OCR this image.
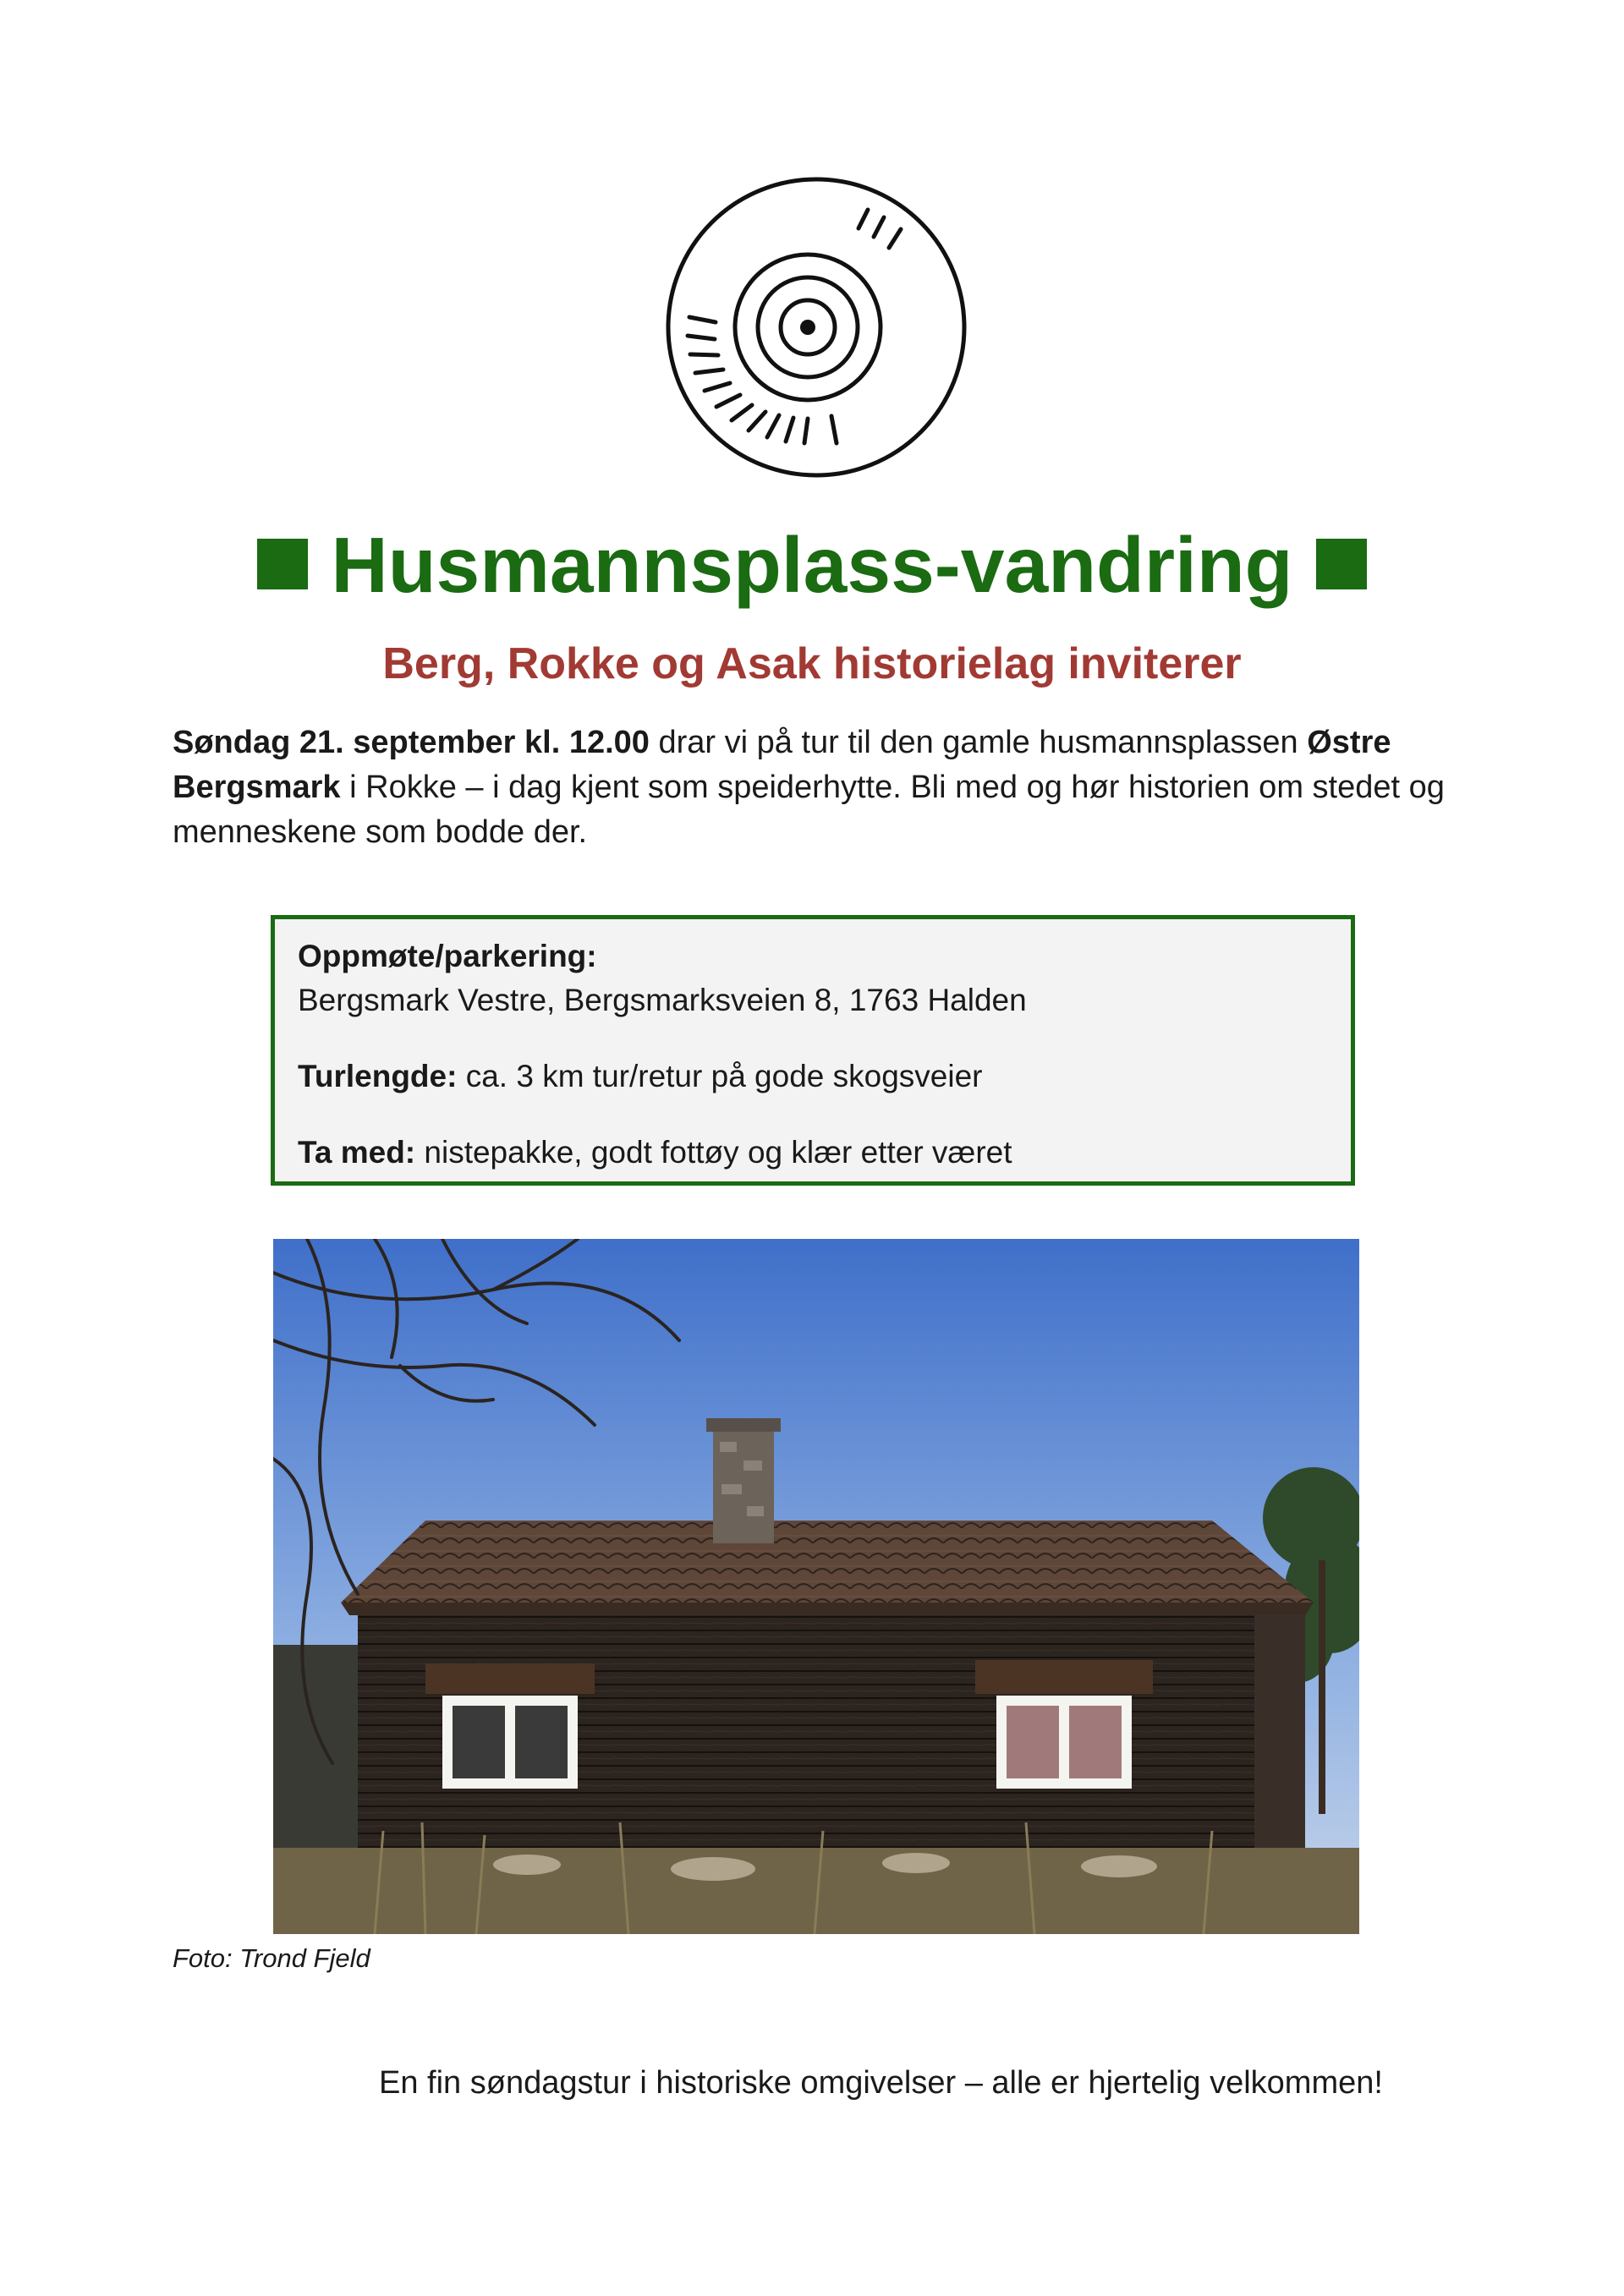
Husmannsplass-vandring
Berg, Rokke og Asak historielag inviterer
Søndag 21. september kl. 12.00 drar vi på tur til den gamle husmannsplassen Østre Bergsmark i Rokke – i dag kjent som speiderhytte. Bli med og hør historien om stedet og menneskene som bodde der.

Oppmøte/parkering:

Bergsmark Vestre, Bergsmarksveien 8, 1763 Halden

Turlengde: ca. 3 km tur/retur på gode skogsveier

Ta med: nistepakke, godt fottøy og klær etter været

Foto: Trond Fjeld
En fin søndagstur i historiske omgivelser – alle er hjertelig velkommen!
